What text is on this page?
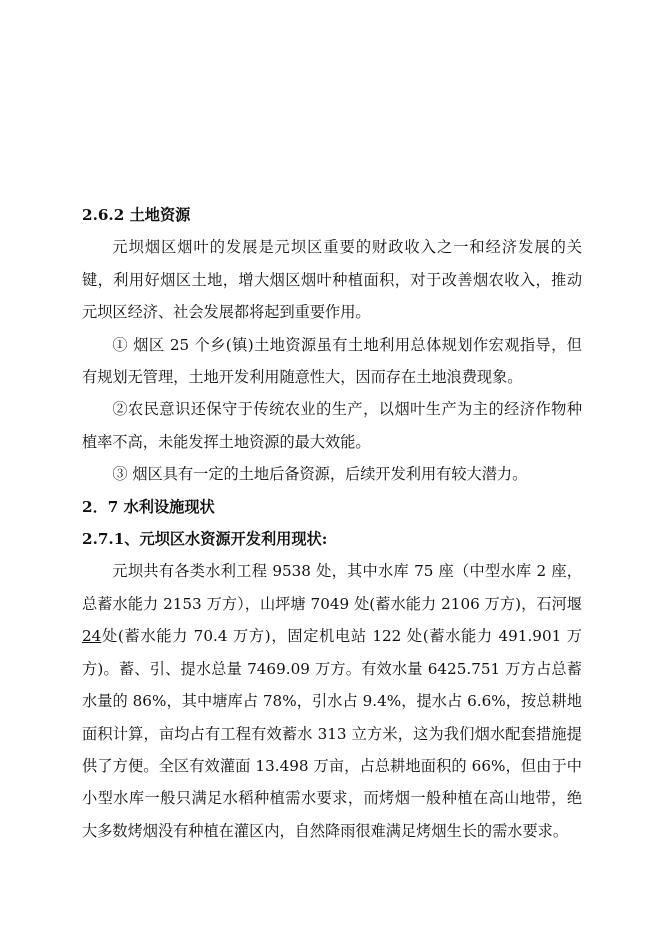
2.6.2 土地资源

元坝烟区烟叶的发展是元坝区重要的财政收入之一和经济发展的关键，利用好烟区土地，增大烟区烟叶种植面积，对于改善烟农收入，推动元坝区经济、社会发展都将起到重要作用。

① 烟区 25 个乡(镇)土地资源虽有土地利用总体规划作宏观指导，但有规划无管理，土地开发利用随意性大，因而存在土地浪费现象。

②农民意识还保守于传统农业的生产，以烟叶生产为主的经济作物种植率不高，未能发挥土地资源的最大效能。

③ 烟区具有一定的土地后备资源，后续开发利用有较大潜力。

2．7 水利设施现状

2.7.1、元坝区水资源开发利用现状:

元坝共有各类水利工程 9538 处，其中水库 75 座（中型水库 2 座，总蓄水能力 2153 万方），山坪塘 7049 处(蓄水能力 2106 万方)，石河堰 24处(蓄水能力 70.4 万方)，固定机电站 122 处(蓄水能力 491.901 万方)。蓄、引、提水总量 7469.09 万方。有效水量 6425.751 万方占总蓄水量的 86%，其中塘库占 78%，引水占 9.4%，提水占 6.6%，按总耕地面积计算，亩均占有工程有效蓄水 313 立方米，这为我们烟水配套措施提供了方便。全区有效灌面 13.498 万亩，占总耕地面积的 66%，但由于中小型水库一般只满足水稻种植需水要求，而烤烟一般种植在高山地带，绝大多数烤烟没有种植在灌区内，自然降雨很难满足烤烟生长的需水要求。
